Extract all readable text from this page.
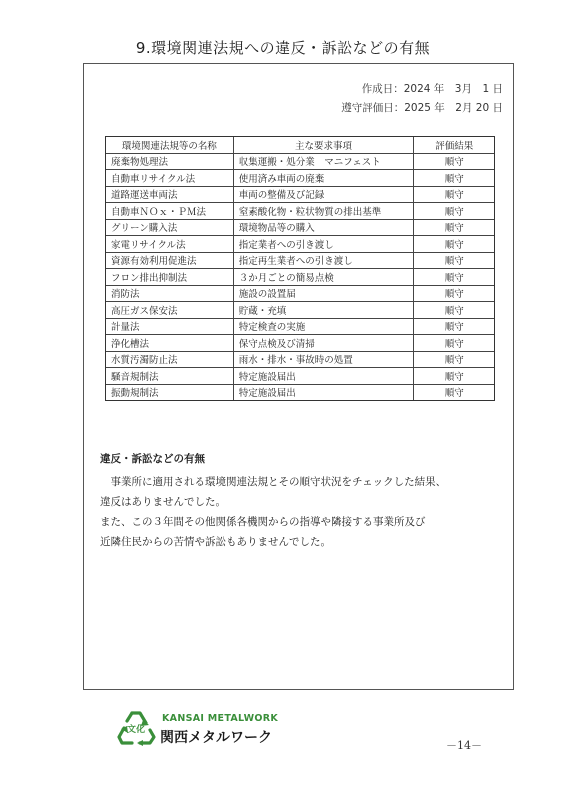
9.環境関連法規への違反・訴訟などの有無
作成日：2024 年　3月　1 日
遵守評価日：2025 年　2月 20 日
環境関連法規等の名称	主な要求事項	評価結果
廃棄物処理法	収集運搬・処分業　マニフェスト	順守
自動車リサイクル法	使用済み車両の廃棄	順守
道路運送車両法	車両の整備及び記録	順守
自動車ＮＯｘ・ＰＭ法	窒素酸化物・粒状物質の排出基準	順守
グリーン購入法	環境物品等の購入	順守
家電リサイクル法	指定業者への引き渡し	順守
資源有効利用促進法	指定再生業者への引き渡し	順守
フロン排出抑制法	３か月ごとの簡易点検	順守
消防法	施設の設置届	順守
高圧ガス保安法	貯蔵・充填	順守
計量法	特定検査の実施	順守
浄化槽法	保守点検及び清掃	順守
水質汚濁防止法	雨水・排水・事故時の処置	順守
騒音規制法	特定施設届出	順守
振動規制法	特定施設届出	順守
違反・訴訟などの有無

　事業所に適用される環境関連法規とその順守状況をチェックした結果、

違反はありませんでした。

また、この３年間その他関係各機関からの指導や隣接する事業所及び

近隣住民からの苦情や訴訟もありませんでした。

文化
KANSAI METALWORK
関西メタルワーク	－14－
